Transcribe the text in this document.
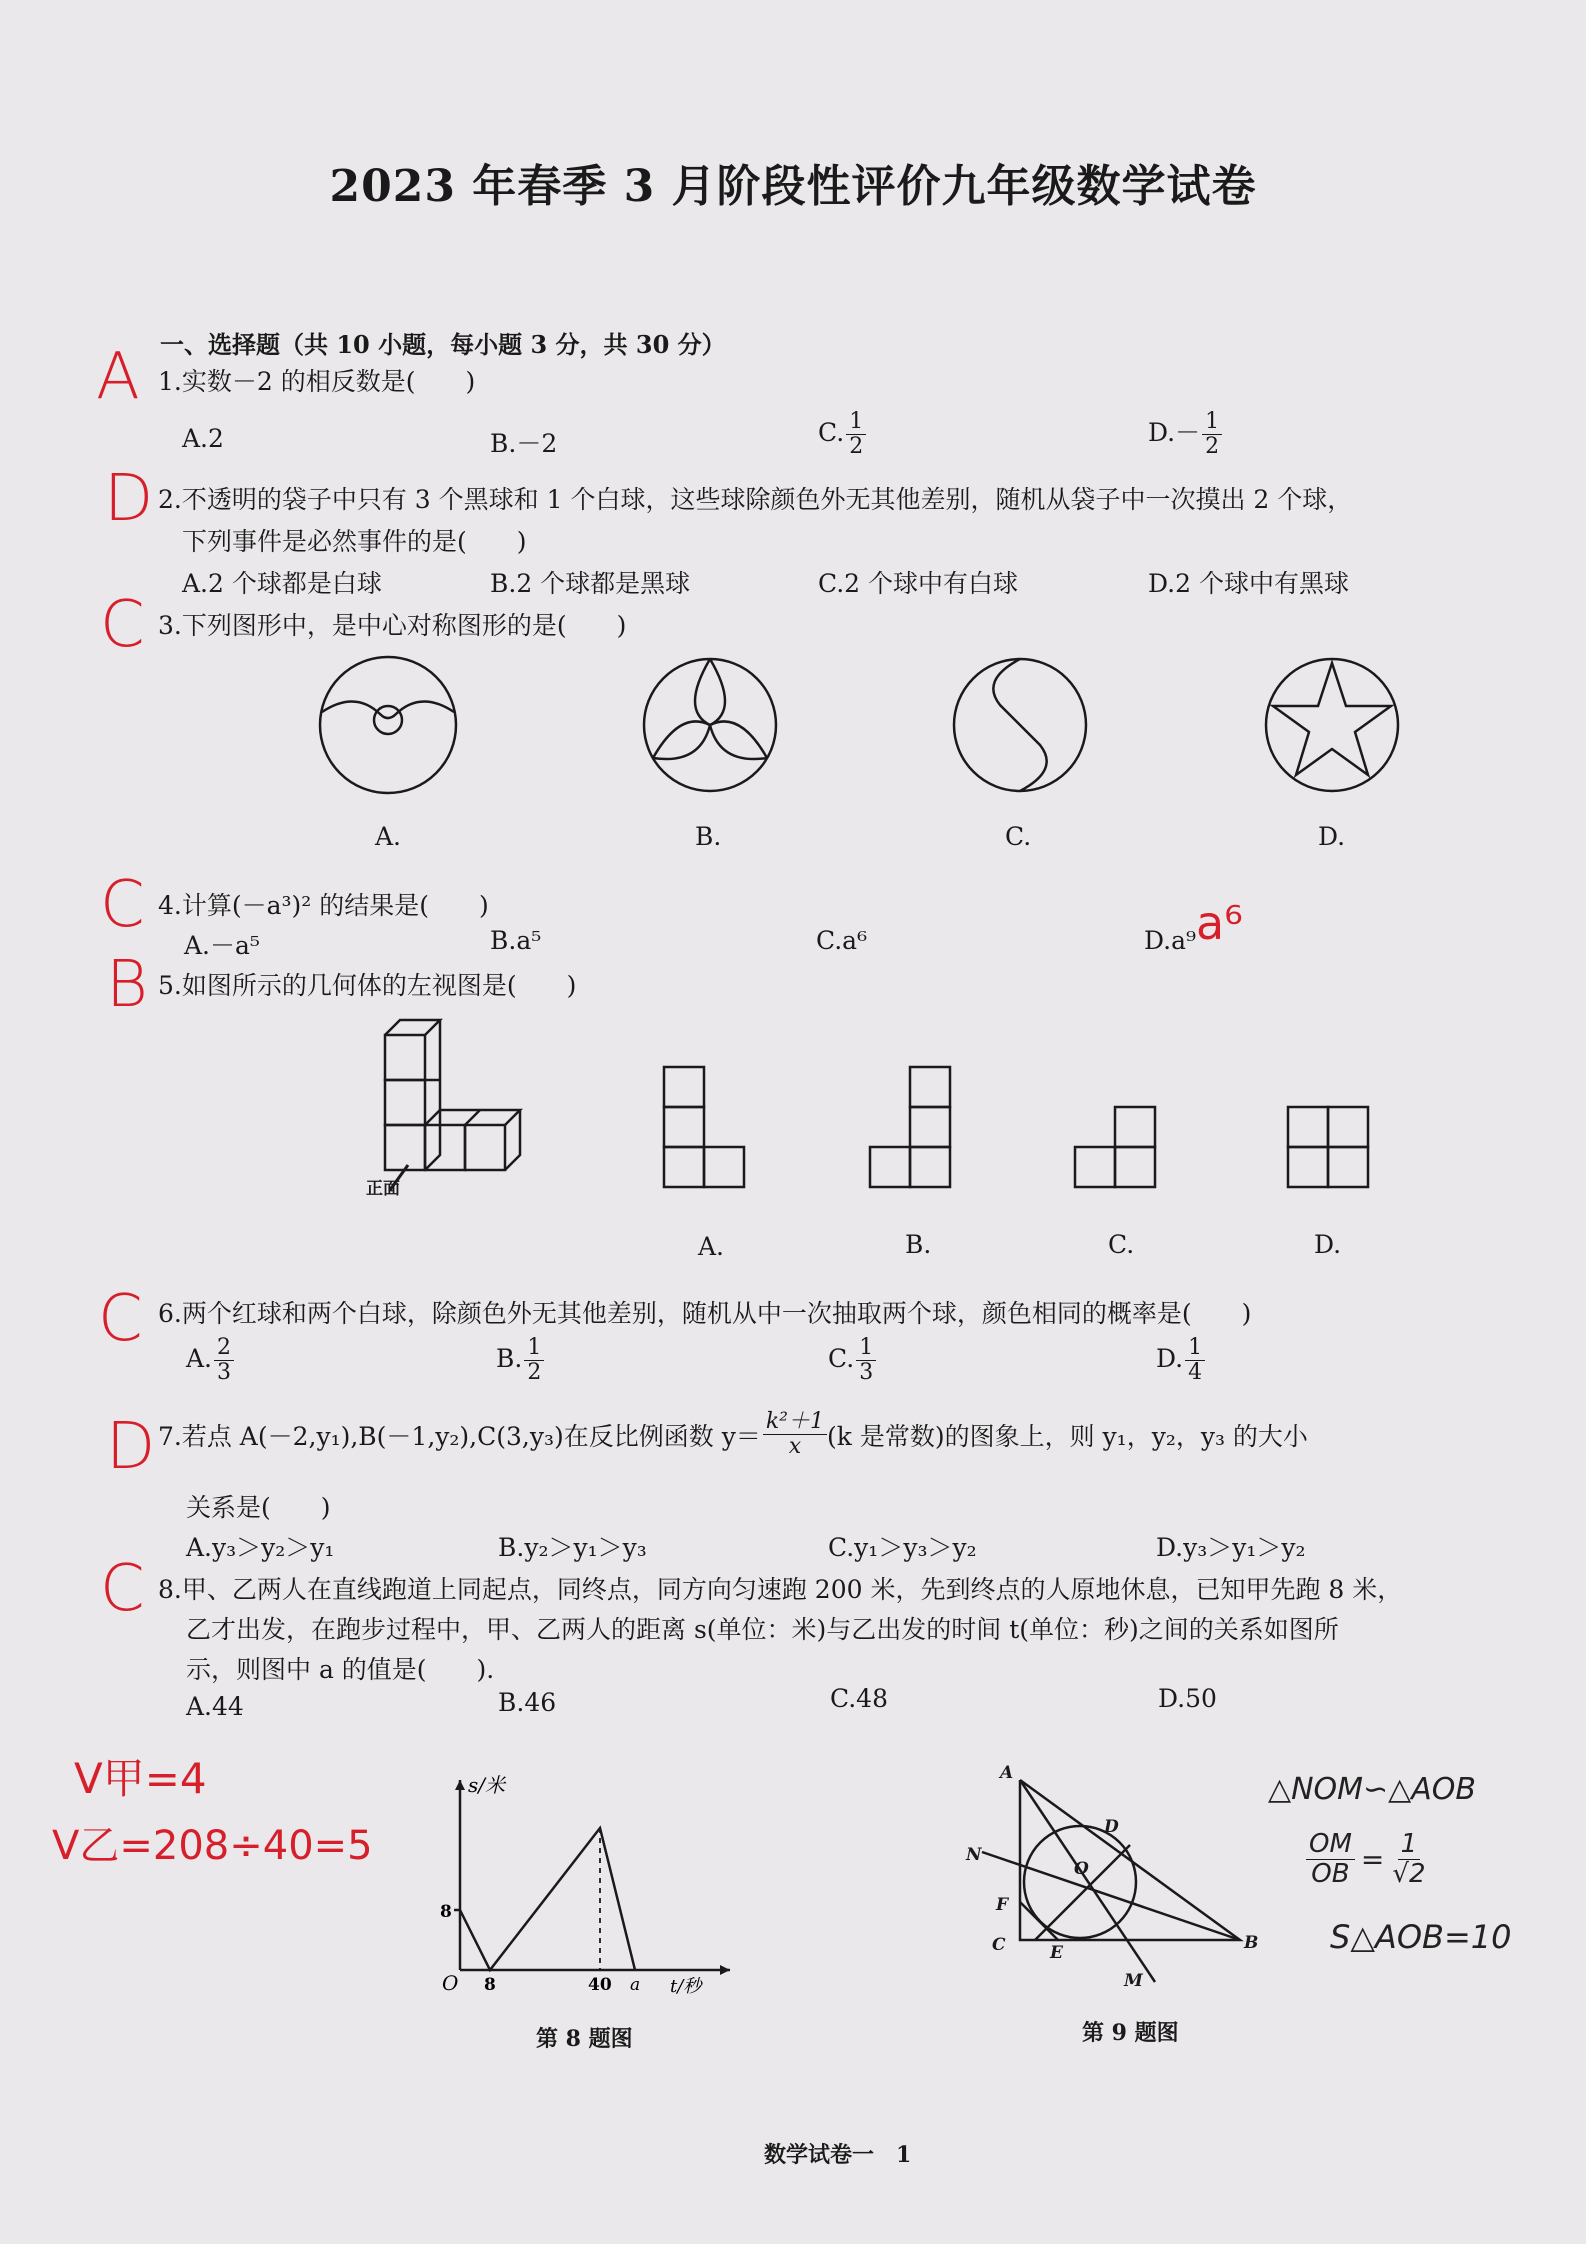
2023 年春季 3 月阶段性评价九年级数学试卷
一、选择题（共 10 小题，每小题 3 分，共 30 分）
A 1.实数－2 的相反数是(　　)
A.2	B.－2	C. $\frac{1}{2}$	$D.- \frac{1}{2}$
D 2.不透明的袋子中只有 3 个黑球和 1 个白球，这些球除颜色外无其他差别，随机从袋子中一次摸出 2 个球，
下列事件是必然事件的是(　　)
A.2 个球都是白球	B.2 个球都是黑球	C.2 个球中有白球	D.2 个球中有黑球
C 3.下列图形中，是中心对称图形的是(　　)
A.	B.	C.	D.
C 4.计算(－a³)² 的结果是(　　)
A.－a⁵	B.a⁵	C.a⁶	D.a⁹ a⁶
B 5.如图所示的几何体的左视图是(　　)
正面
A.	B.	C.	D.
C 6.两个红球和两个白球，除颜色外无其他差别，随机从中一次抽取两个球，颜色相同的概率是(　　)
A. $\frac{2}{3}$	B. $\frac{1}{2}$	C. $\frac{1}{3}$	D. $\frac{1}{4}$
D 7.若点 A(－2,y₁),B(－1,y₂),C(3,y₃)在反比例函数 $y= \frac{\text{k²＋1}}{x} (k$ 是常数)的图象上，则 y₁，y₂，y₃ 的大小
关系是(　　)
A.y₃＞y₂＞y₁	B.y₂＞y₁＞y₃	C.y₁＞y₃＞y₂	D.y₃＞y₁＞y₂
C 8.甲、乙两人在直线跑道上同起点，同终点，同方向匀速跑 200 米，先到终点的人原地休息，已知甲先跑 8 米，
乙才出发，在跑步过程中，甲、乙两人的距离 s(单位：米)与乙出发的时间 t(单位：秒)之间的关系如图所
示，则图中 a 的值是(　　).
A.44	B.46	C.48	D.50
V甲=4
V乙=208÷40=5
△NOM∽△AOB
$\frac{OM}{OB} = \frac{1}{√2}$
S△AOB=10
s/米
t/秒
8
O 8	40 a
第 8 题图
A
B
C
D
E
F
M
N
O
第 9 题图
数学试卷一　1
